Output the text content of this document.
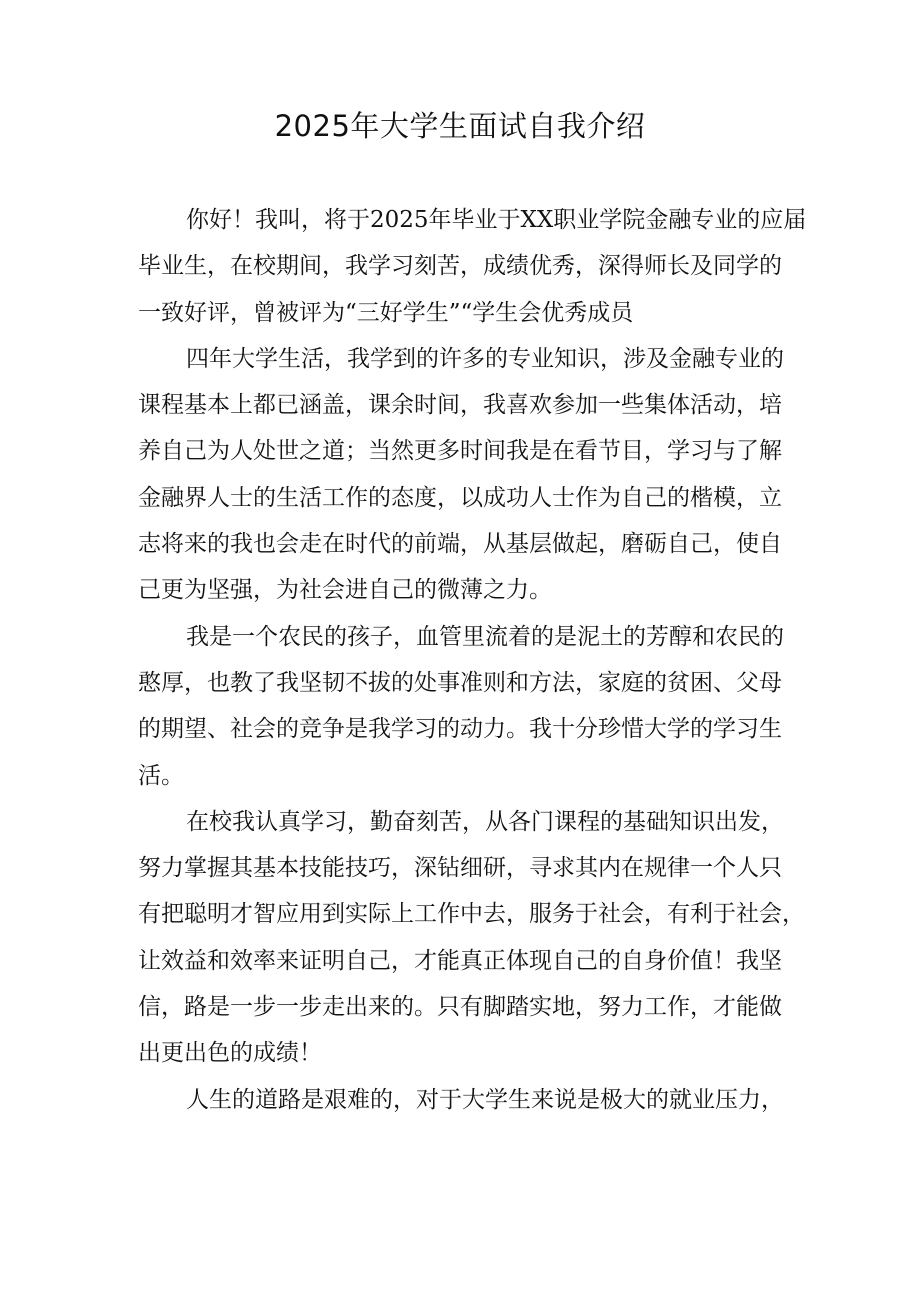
2025年大学生面试自我介绍
你好！我叫，将于2025年毕业于XX职业学院金融专业的应届
毕业生，在校期间，我学习刻苦，成绩优秀，深得师长及同学的
一致好评，曾被评为“三好学生”“学生会优秀成员
四年大学生活，我学到的许多的专业知识，涉及金融专业的
课程基本上都已涵盖，课余时间，我喜欢参加一些集体活动，培
养自己为人处世之道；当然更多时间我是在看节目，学习与了解
金融界人士的生活工作的态度，以成功人士作为自己的楷模，立
志将来的我也会走在时代的前端，从基层做起，磨砺自己，使自
己更为坚强，为社会进自己的微薄之力。
我是一个农民的孩子，血管里流着的是泥土的芳醇和农民的
憨厚，也教了我坚韧不拔的处事准则和方法，家庭的贫困、父母
的期望、社会的竞争是我学习的动力。我十分珍惜大学的学习生
活。
在校我认真学习，勤奋刻苦，从各门课程的基础知识出发，
努力掌握其基本技能技巧，深钻细研，寻求其内在规律一个人只
有把聪明才智应用到实际上工作中去，服务于社会，有利于社会，
让效益和效率来证明自己，才能真正体现自己的自身价值！我坚
信，路是一步一步走出来的。只有脚踏实地，努力工作，才能做
出更出色的成绩！
人生的道路是艰难的，对于大学生来说是极大的就业压力，
